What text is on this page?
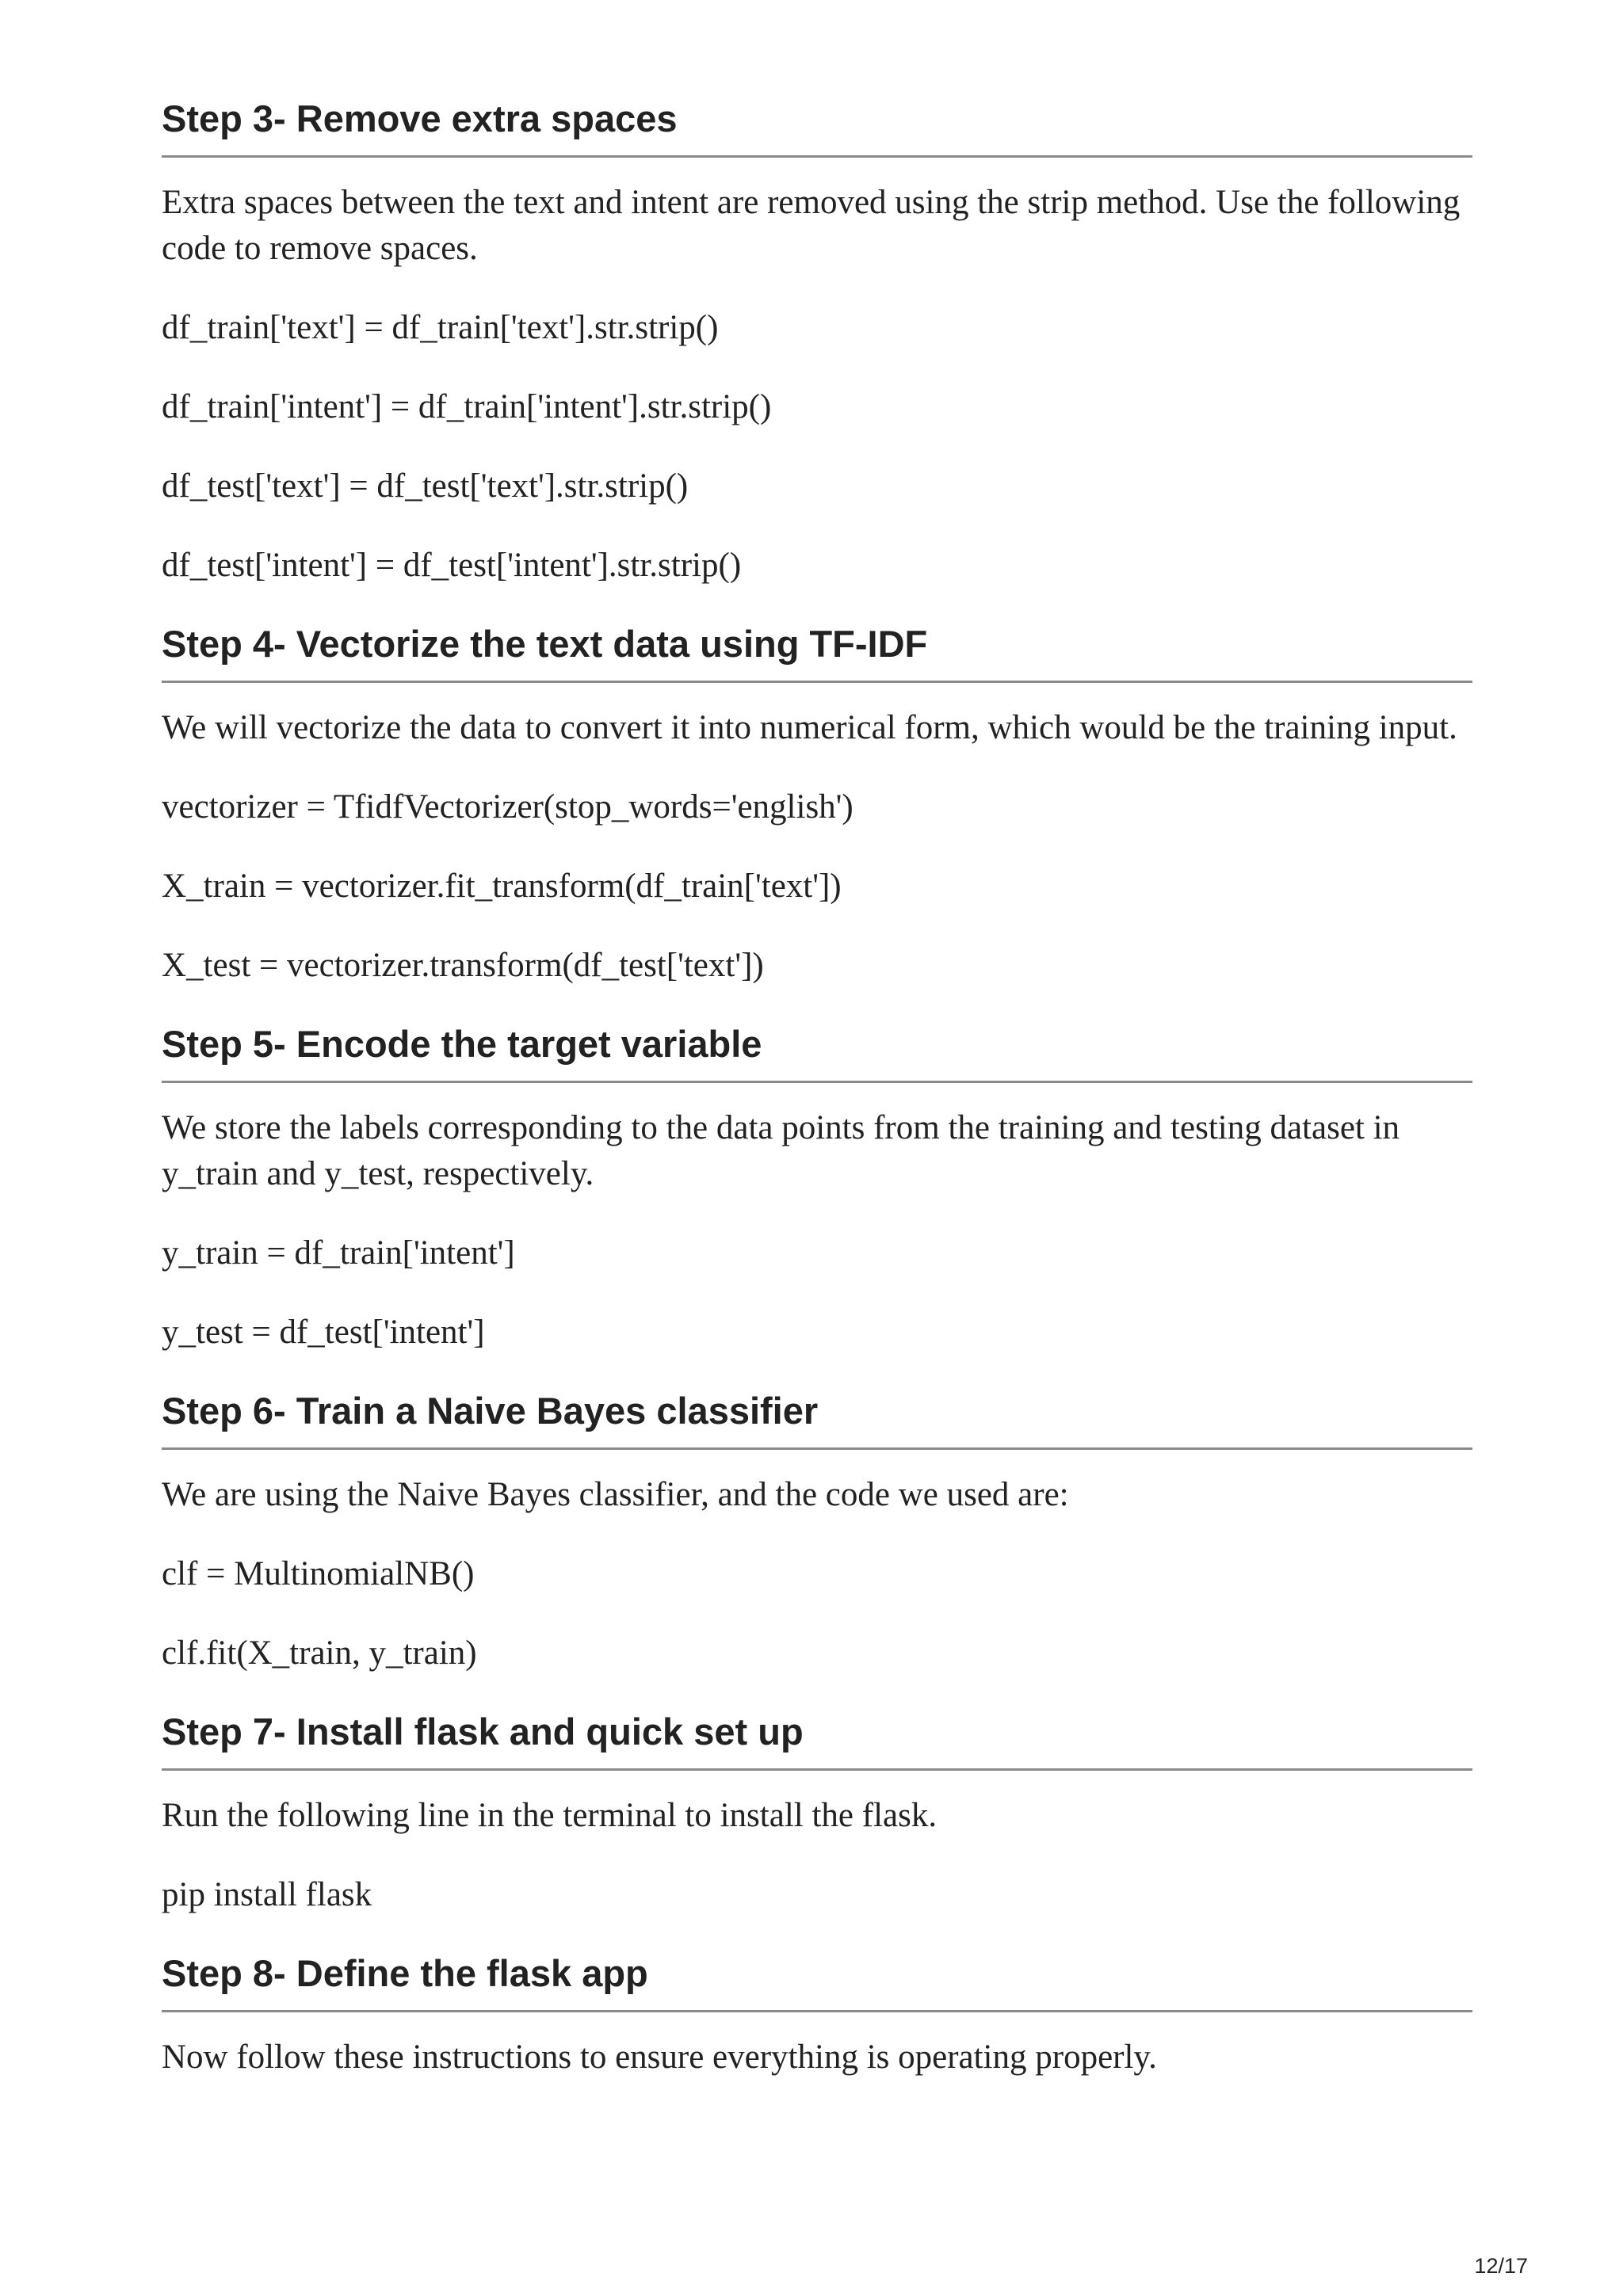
Step 3- Remove extra spaces

Extra spaces between the text and intent are removed using the strip method. Use the following code to remove spaces.

df_train['text'] = df_train['text'].str.strip()

df_train['intent'] = df_train['intent'].str.strip()

df_test['text'] = df_test['text'].str.strip()

df_test['intent'] = df_test['intent'].str.strip()

Step 4- Vectorize the text data using TF-IDF

We will vectorize the data to convert it into numerical form, which would be the training input.

vectorizer = TfidfVectorizer(stop_words='english')

X_train = vectorizer.fit_transform(df_train['text'])

X_test = vectorizer.transform(df_test['text'])

Step 5- Encode the target variable

We store the labels corresponding to the data points from the training and testing dataset in y_train and y_test, respectively.

y_train = df_train['intent']

y_test = df_test['intent']

Step 6- Train a Naive Bayes classifier

We are using the Naive Bayes classifier, and the code we used are:

clf = MultinomialNB()

clf.fit(X_train, y_train)

Step 7- Install flask and quick set up

Run the following line in the terminal to install the flask.

pip install flask

Step 8- Define the flask app

Now follow these instructions to ensure everything is operating properly.

12/17
